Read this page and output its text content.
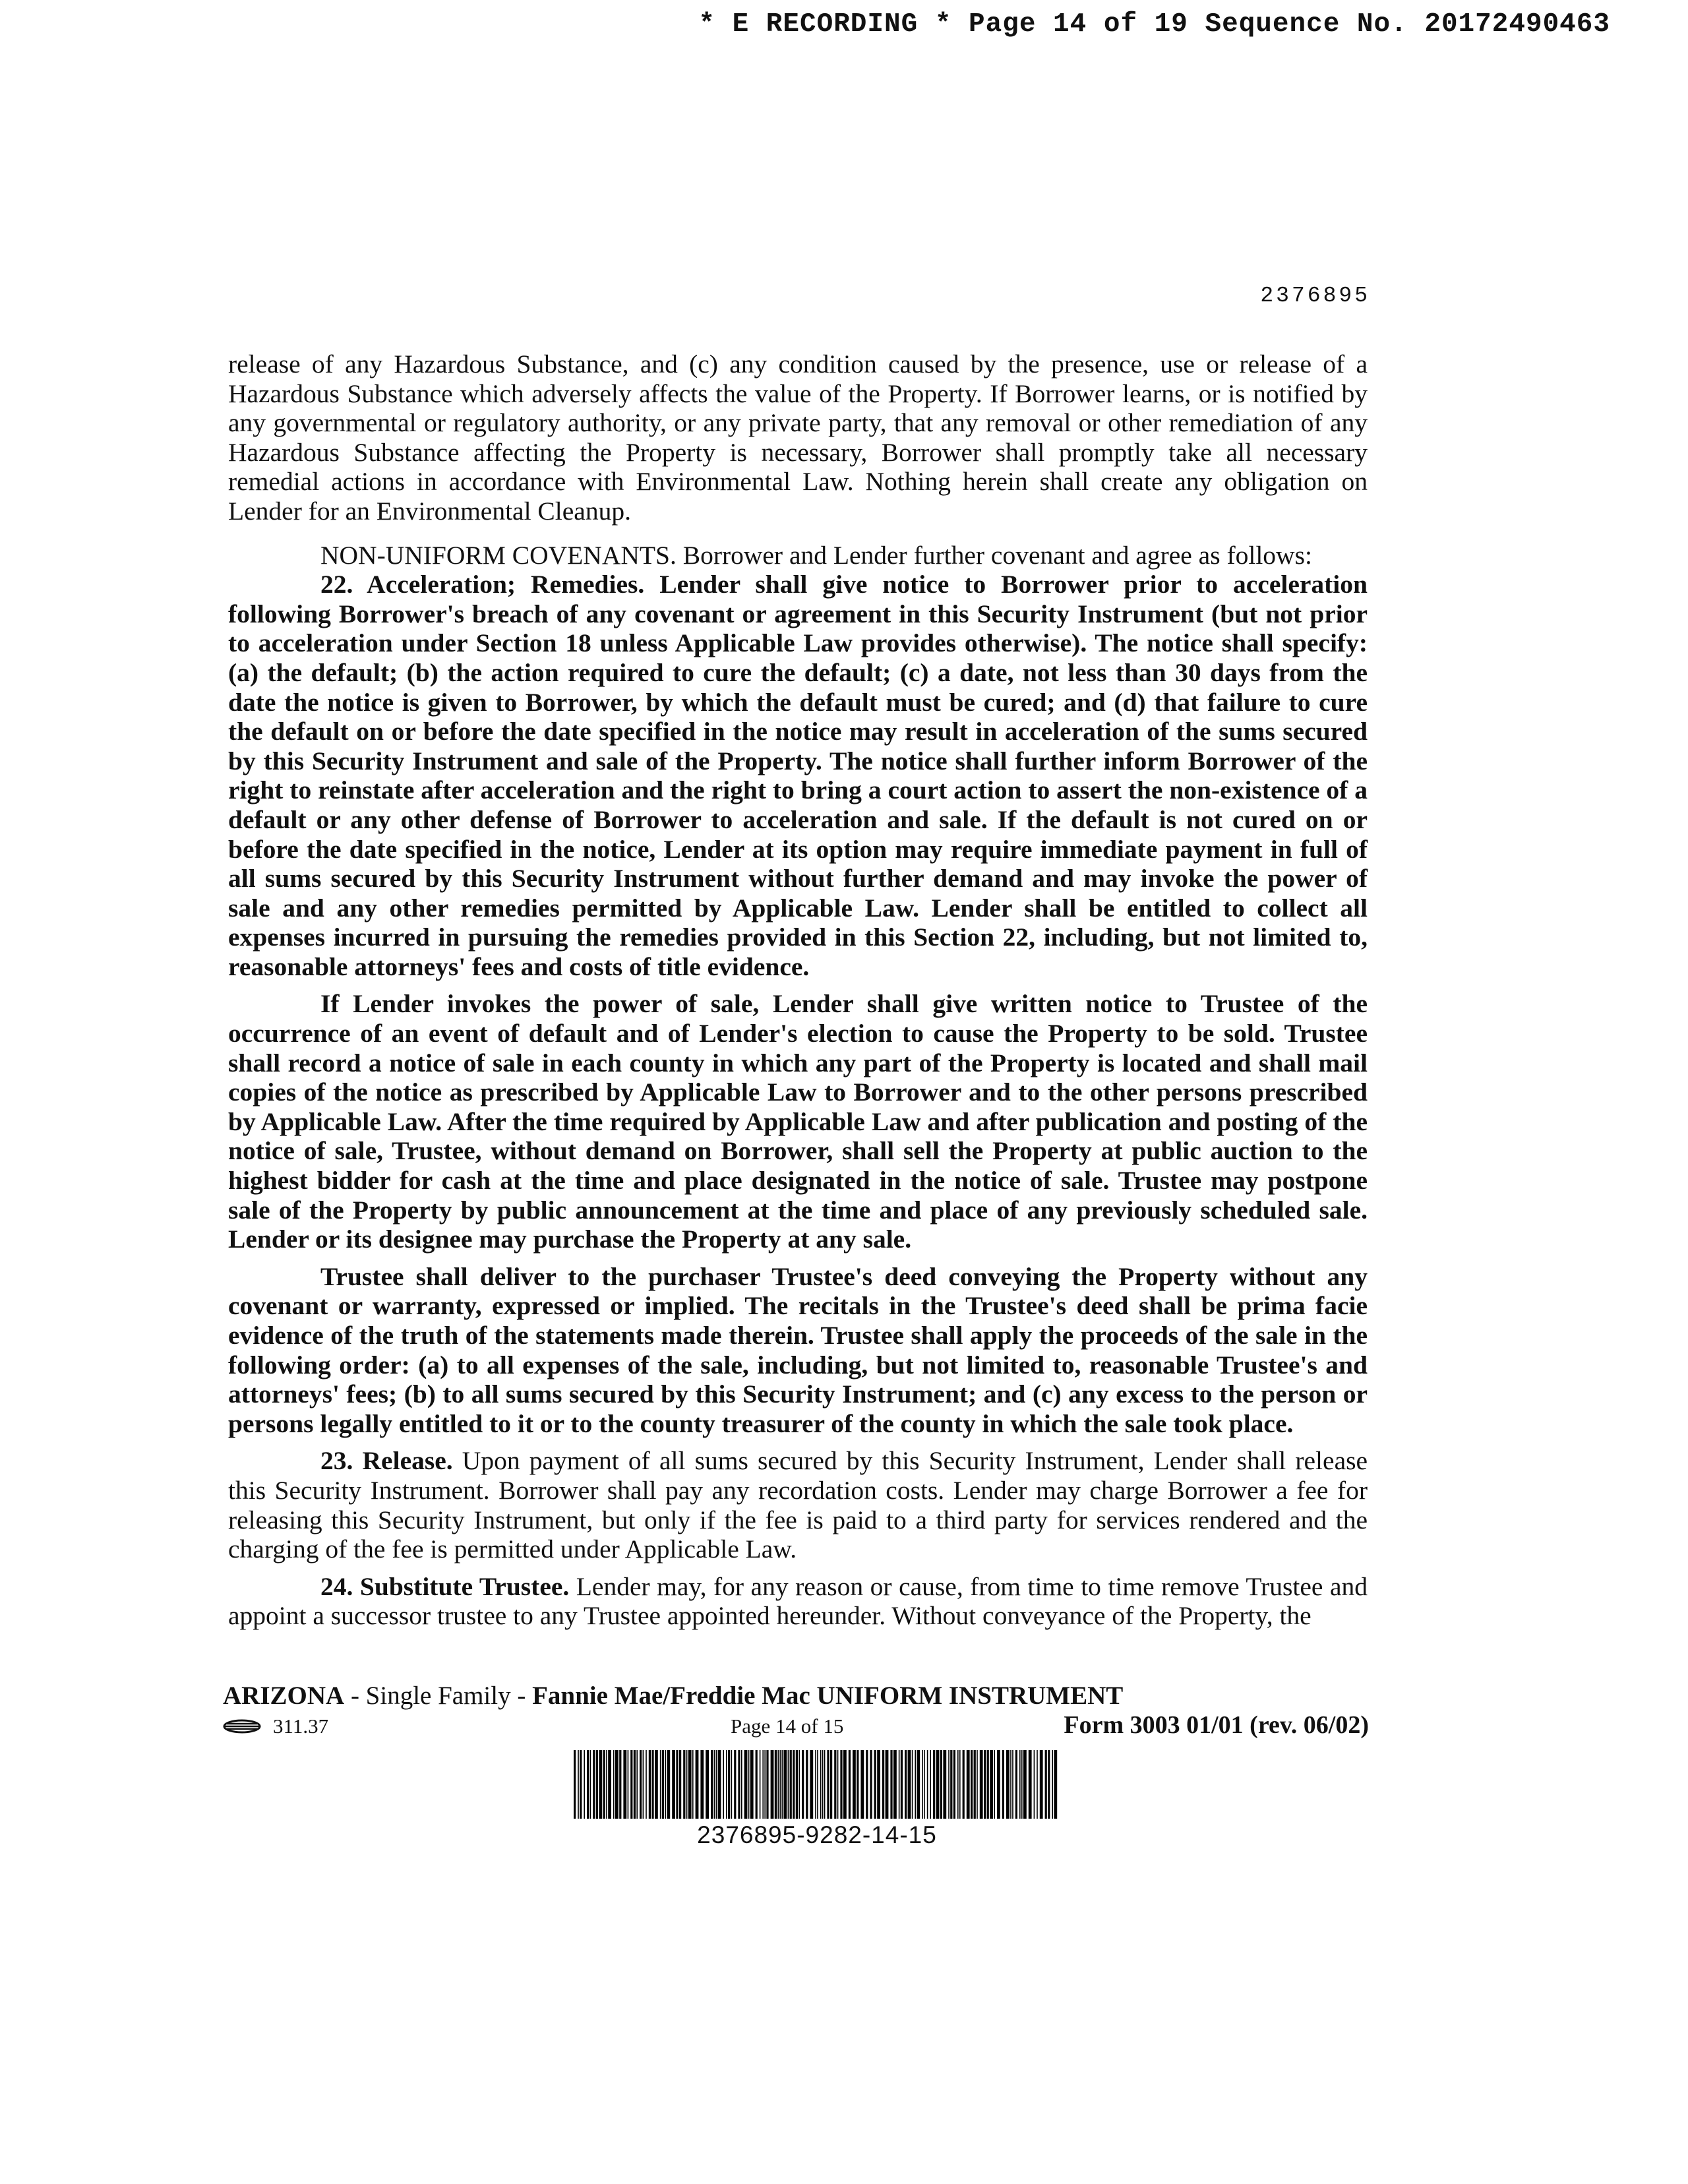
* E RECORDING * Page 14 of 19 Sequence No. 20172490463
2376895

release of any Hazardous Substance, and (c) any condition caused by the presence, use or release of a Hazardous Substance which adversely affects the value of the Property. If Borrower learns, or is notified by any governmental or regulatory authority, or any private party, that any removal or other remediation of any Hazardous Substance affecting the Property is necessary, Borrower shall promptly take all necessary remedial actions in accordance with Environmental Law. Nothing herein shall create any obligation on Lender for an Environmental Cleanup.

NON-UNIFORM COVENANTS. Borrower and Lender further covenant and agree as follows:

22. Acceleration; Remedies. Lender shall give notice to Borrower prior to acceleration following Borrower's breach of any covenant or agreement in this Security Instrument (but not prior to acceleration under Section 18 unless Applicable Law provides otherwise). The notice shall specify: (a) the default; (b) the action required to cure the default; (c) a date, not less than 30 days from the date the notice is given to Borrower, by which the default must be cured; and (d) that failure to cure the default on or before the date specified in the notice may result in acceleration of the sums secured by this Security Instrument and sale of the Property. The notice shall further inform Borrower of the right to reinstate after acceleration and the right to bring a court action to assert the non-existence of a default or any other defense of Borrower to acceleration and sale. If the default is not cured on or before the date specified in the notice, Lender at its option may require immediate payment in full of all sums secured by this Security Instrument without further demand and may invoke the power of sale and any other remedies permitted by Applicable Law. Lender shall be entitled to collect all expenses incurred in pursuing the remedies provided in this Section 22, including, but not limited to, reasonable attorneys' fees and costs of title evidence.

If Lender invokes the power of sale, Lender shall give written notice to Trustee of the occurrence of an event of default and of Lender's election to cause the Property to be sold. Trustee shall record a notice of sale in each county in which any part of the Property is located and shall mail copies of the notice as prescribed by Applicable Law to Borrower and to the other persons prescribed by Applicable Law. After the time required by Applicable Law and after publication and posting of the notice of sale, Trustee, without demand on Borrower, shall sell the Property at public auction to the highest bidder for cash at the time and place designated in the notice of sale. Trustee may postpone sale of the Property by public announcement at the time and place of any previously scheduled sale. Lender or its designee may purchase the Property at any sale.

Trustee shall deliver to the purchaser Trustee's deed conveying the Property without any covenant or warranty, expressed or implied. The recitals in the Trustee's deed shall be prima facie evidence of the truth of the statements made therein. Trustee shall apply the proceeds of the sale in the following order: (a) to all expenses of the sale, including, but not limited to, reasonable Trustee's and attorneys' fees; (b) to all sums secured by this Security Instrument; and (c) any excess to the person or persons legally entitled to it or to the county treasurer of the county in which the sale took place.

23. Release. Upon payment of all sums secured by this Security Instrument, Lender shall release this Security Instrument. Borrower shall pay any recordation costs. Lender may charge Borrower a fee for releasing this Security Instrument, but only if the fee is paid to a third party for services rendered and the charging of the fee is permitted under Applicable Law.

24. Substitute Trustee. Lender may, for any reason or cause, from time to time remove Trustee and appoint a successor trustee to any Trustee appointed hereunder. Without conveyance of the Property, the

ARIZONA - Single Family - Fannie Mae/Freddie Mac UNIFORM INSTRUMENT
311.37	Page 14 of 15	Form 3003 01/01 (rev. 06/02)
2376895-9282-14-15
